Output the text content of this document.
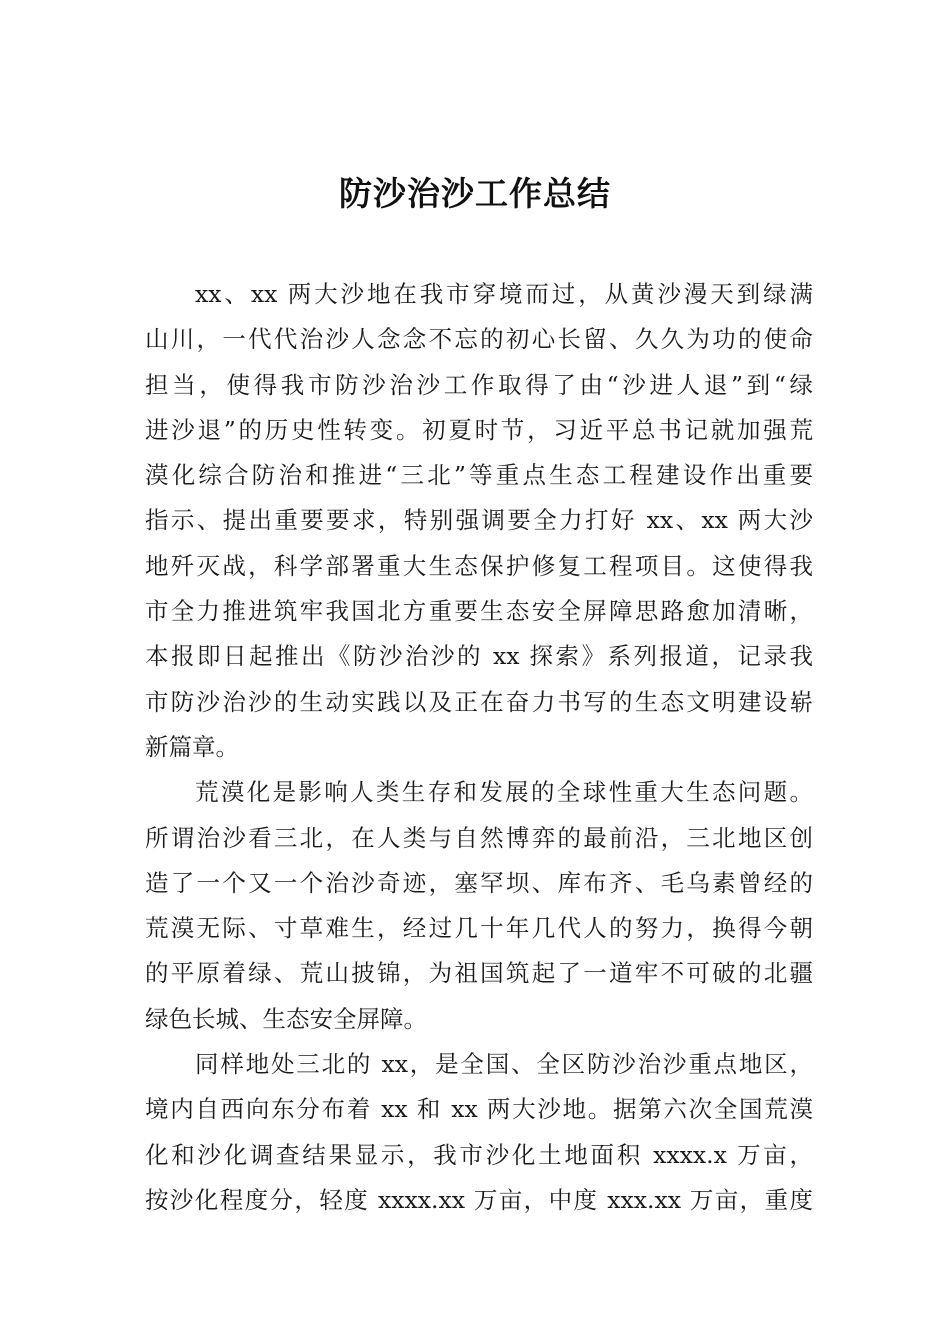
防沙治沙工作总结
xx、xx 两大沙地在我市穿境而过，从黄沙漫天到绿满
山川，一代代治沙人念念不忘的初心长留、久久为功的使命
担当，使得我市防沙治沙工作取得了由“沙进人退”到“绿
进沙退”的历史性转变。初夏时节，习近平总书记就加强荒
漠化综合防治和推进“三北”等重点生态工程建设作出重要
指示、提出重要要求，特别强调要全力打好 xx、xx 两大沙
地歼灭战，科学部署重大生态保护修复工程项目。这使得我
市全力推进筑牢我国北方重要生态安全屏障思路愈加清晰，
本报即日起推出《防沙治沙的 xx 探索》系列报道，记录我
市防沙治沙的生动实践以及正在奋力书写的生态文明建设崭
新篇章。
荒漠化是影响人类生存和发展的全球性重大生态问题。
所谓治沙看三北，在人类与自然博弈的最前沿，三北地区创
造了一个又一个治沙奇迹，塞罕坝、库布齐、毛乌素曾经的
荒漠无际、寸草难生，经过几十年几代人的努力，换得今朝
的平原着绿、荒山披锦，为祖国筑起了一道牢不可破的北疆
绿色长城、生态安全屏障。
同样地处三北的 xx，是全国、全区防沙治沙重点地区，
境内自西向东分布着 xx 和 xx 两大沙地。据第六次全国荒漠
化和沙化调查结果显示，我市沙化土地面积 xxxx.x 万亩，
按沙化程度分，轻度 xxxx.xx 万亩，中度 xxx.xx 万亩，重度
